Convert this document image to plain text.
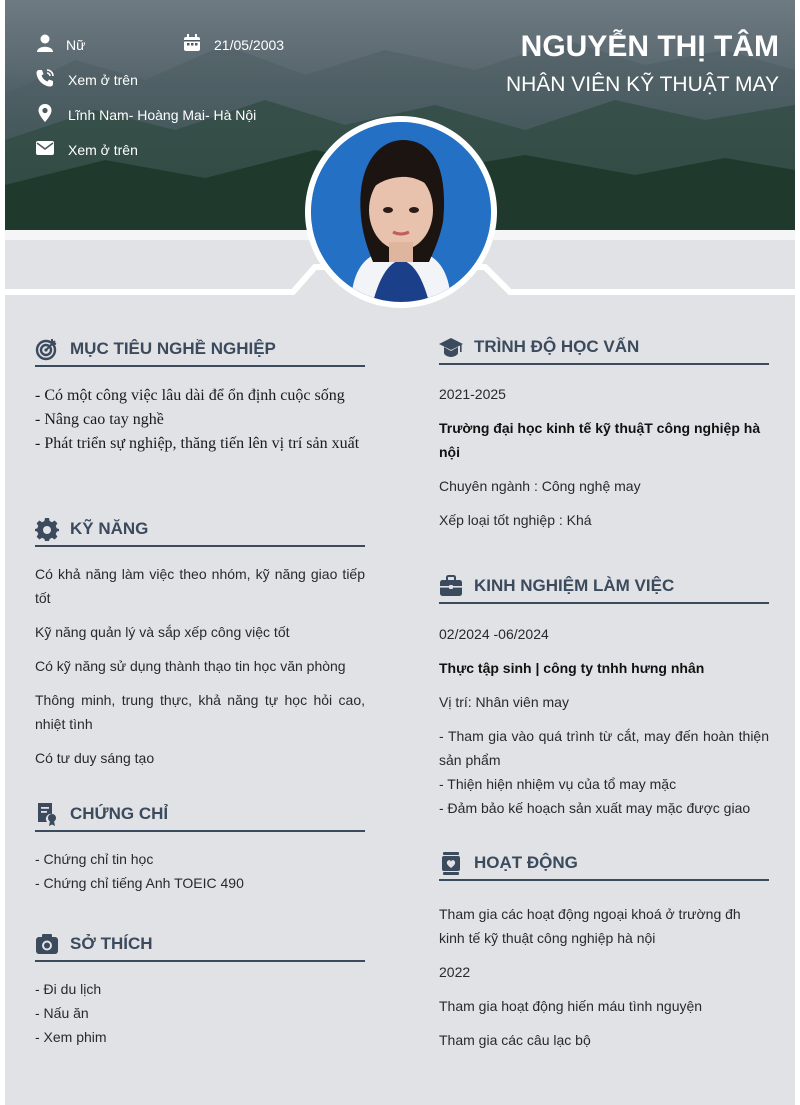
Nữ	21/05/2003
Xem ở trên
Lĩnh Nam- Hoàng Mai- Hà Nội
Xem ở trên
NGUYỄN THỊ TÂM
NHÂN VIÊN KỸ THUẬT MAY
MỤC TIÊU NGHỀ NGHIỆP
- Có một công việc lâu dài để ổn định cuộc sống
- Nâng cao tay nghề
- Phát triển sự nghiệp, thăng tiến lên vị trí sản xuất
KỸ NĂNG
Có khả năng làm việc theo nhóm, kỹ năng giao tiếp tốt
Kỹ năng quản lý và sắp xếp công việc tốt
Có kỹ năng sử dụng thành thạo tin học văn phòng
Thông minh, trung thực, khả năng tự học hỏi cao, nhiệt tình
Có tư duy sáng tạo
CHỨNG CHỈ
- Chứng chỉ tin học
- Chứng chỉ tiếng Anh TOEIC 490
SỞ THÍCH
- Đi du lịch
- Nấu ăn
- Xem phim
TRÌNH ĐỘ HỌC VẤN
2021-2025
Trường đại học kinh tế kỹ thuậT công nghiệp hà nội
Chuyên ngành : Công nghệ may
Xếp loại tốt nghiệp : Khá
KINH NGHIỆM LÀM VIỆC
02/2024 -06/2024
Thực tập sinh | công ty tnhh hưng nhân
Vị trí: Nhân viên may
- Tham gia vào quá trình từ cắt, may đến hoàn thiện sản phẩm
- Thiện hiện nhiệm vụ của tổ may mặc
- Đảm bảo kế hoạch sản xuất may mặc được giao
HOẠT ĐỘNG
Tham gia các hoạt động ngoại khoá ở trường đh kinh tế kỹ thuật công nghiệp hà nội
2022
Tham gia hoạt động hiến máu tình nguyện
Tham gia các câu lạc bộ
